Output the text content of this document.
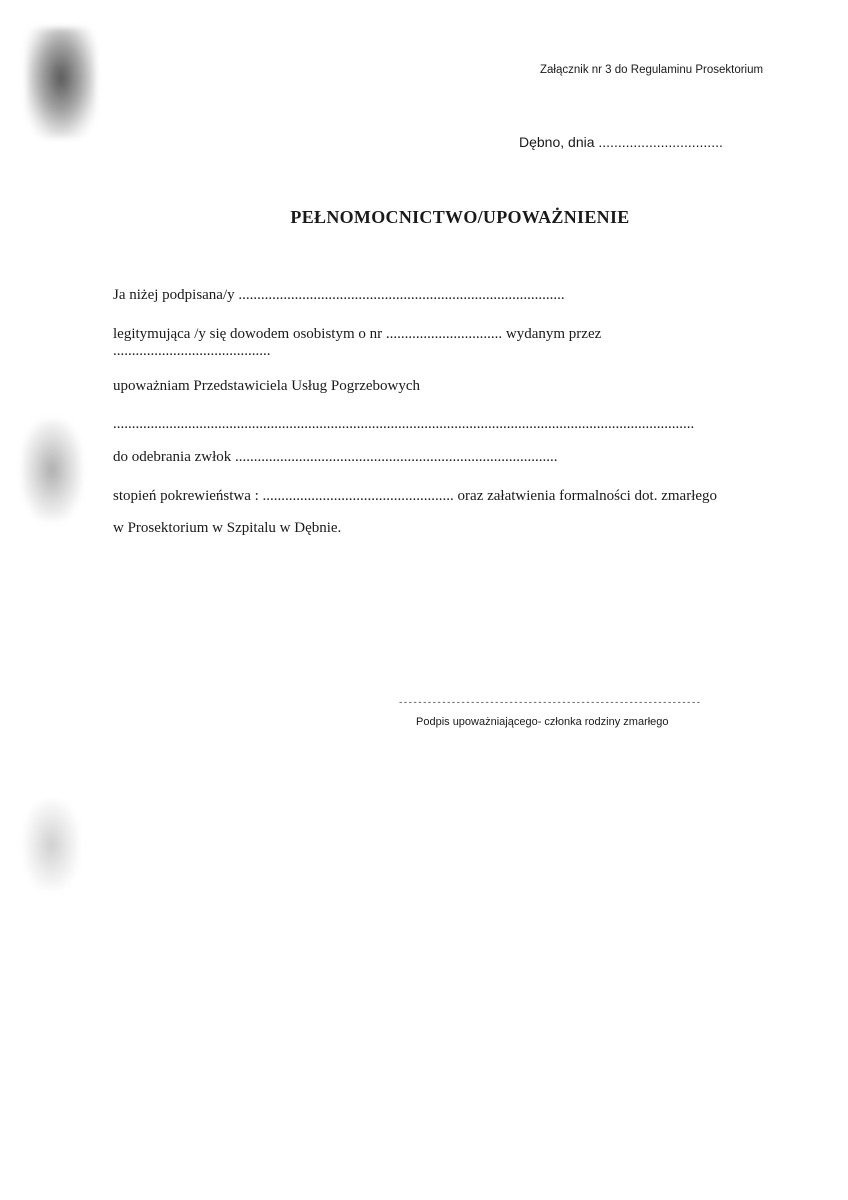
Załącznik nr 3 do Regulaminu Prosektorium
Dębno, dnia ................................
PEŁNOMOCNICTWO/UPOWAŻNIENIE
Ja niżej podpisana/y .......................................................................................
legitymująca /y się dowodem osobistym o nr ............................... wydanym przez
..........................................
upoważniam Przedstawiciela Usług Pogrzebowych
...........................................................................................................................................................
do odebrania zwłok ......................................................................................
stopień pokrewieństwa : ................................................... oraz załatwienia formalności dot. zmarłego
w Prosektorium w Szpitalu w Dębnie.
---------------------------------------------------------------
Podpis upoważniającego- członka rodziny zmarłego
